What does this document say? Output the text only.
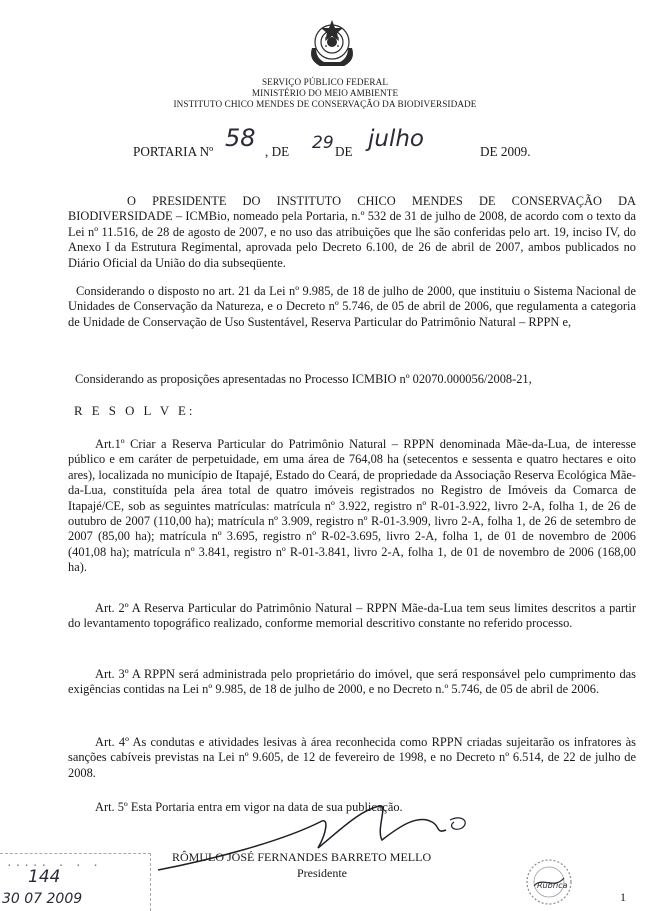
SERVIÇO PÚBLICO FEDERAL
MINISTÉRIO DO MEIO AMBIENTE
INSTITUTO CHICO MENDES DE CONSERVAÇÃO DA BIODIVERSIDADE
PORTARIA Nº 58 , DE 29 DE julho	DE 2009.
O PRESIDENTE DO INSTITUTO CHICO MENDES DE CONSERVAÇÃO DA BIODIVERSIDADE – ICMBio, nomeado pela Portaria, n.º 532 de 31 de julho de 2008, de acordo com o texto da Lei nº 11.516, de 28 de agosto de 2007, e no uso das atribuições que lhe são conferidas pelo art. 19, inciso IV, do Anexo I da Estrutura Regimental, aprovada pelo Decreto 6.100, de 26 de abril de 2007, ambos publicados no Diário Oficial da União do dia subseqüente.
Considerando o disposto no art. 21 da Lei nº 9.985, de 18 de julho de 2000, que instituiu o Sistema Nacional de Unidades de Conservação da Natureza, e o Decreto nº 5.746, de 05 de abril de 2006, que regulamenta a categoria de Unidade de Conservação de Uso Sustentável, Reserva Particular do Patrimônio Natural – RPPN e,
Considerando as proposições apresentadas no Processo ICMBIO nº 02070.000056/2008-21,
R E S O L V E:
Art.1º Criar a Reserva Particular do Patrimônio Natural – RPPN denominada Mãe-da-Lua, de interesse público e em caráter de perpetuidade, em uma área de 764,08 ha (setecentos e sessenta e quatro hectares e oito ares), localizada no município de Itapajé, Estado do Ceará, de propriedade da Associação Reserva Ecológica Mãe-da-Lua, constituída pela área total de quatro imóveis registrados no Registro de Imóveis da Comarca de Itapajé/CE, sob as seguintes matrículas: matrícula nº 3.922, registro nº R-01-3.922, livro 2-A, folha 1, de 26 de outubro de 2007 (110,00 ha); matrícula nº 3.909, registro nº R-01-3.909, livro 2-A, folha 1, de 26 de setembro de 2007 (85,00 ha); matrícula nº 3.695, registro nº R-02-3.695, livro 2-A, folha 1, de 01 de novembro de 2006 (401,08 ha); matrícula nº 3.841, registro nº R-01-3.841, livro 2-A, folha 1, de 01 de novembro de 2006 (168,00 ha).
Art. 2º A Reserva Particular do Patrimônio Natural – RPPN Mãe-da-Lua tem seus limites descritos a partir do levantamento topográfico realizado, conforme memorial descritivo constante no referido processo.
Art. 3º A RPPN será administrada pelo proprietário do imóvel, que será responsável pelo cumprimento das exigências contidas na Lei nº 9.985, de 18 de julho de 2000, e no Decreto n.º 5.746, de 05 de abril de 2006.
Art. 4º As condutas e atividades lesivas à área reconhecida como RPPN criadas sujeitarão os infratores às sanções cabíveis previstas na Lei nº 9.605, de 12 de fevereiro de 1998, e no Decreto nº 6.514, de 22 de julho de 2008.
Art. 5º Esta Portaria entra em vigor na data de sua publicação.
RÔMULO JOSÉ FERNANDES BARRETO MELLO
Presidente
····· · · ·
144
30 07 2009
Rubrica
1
